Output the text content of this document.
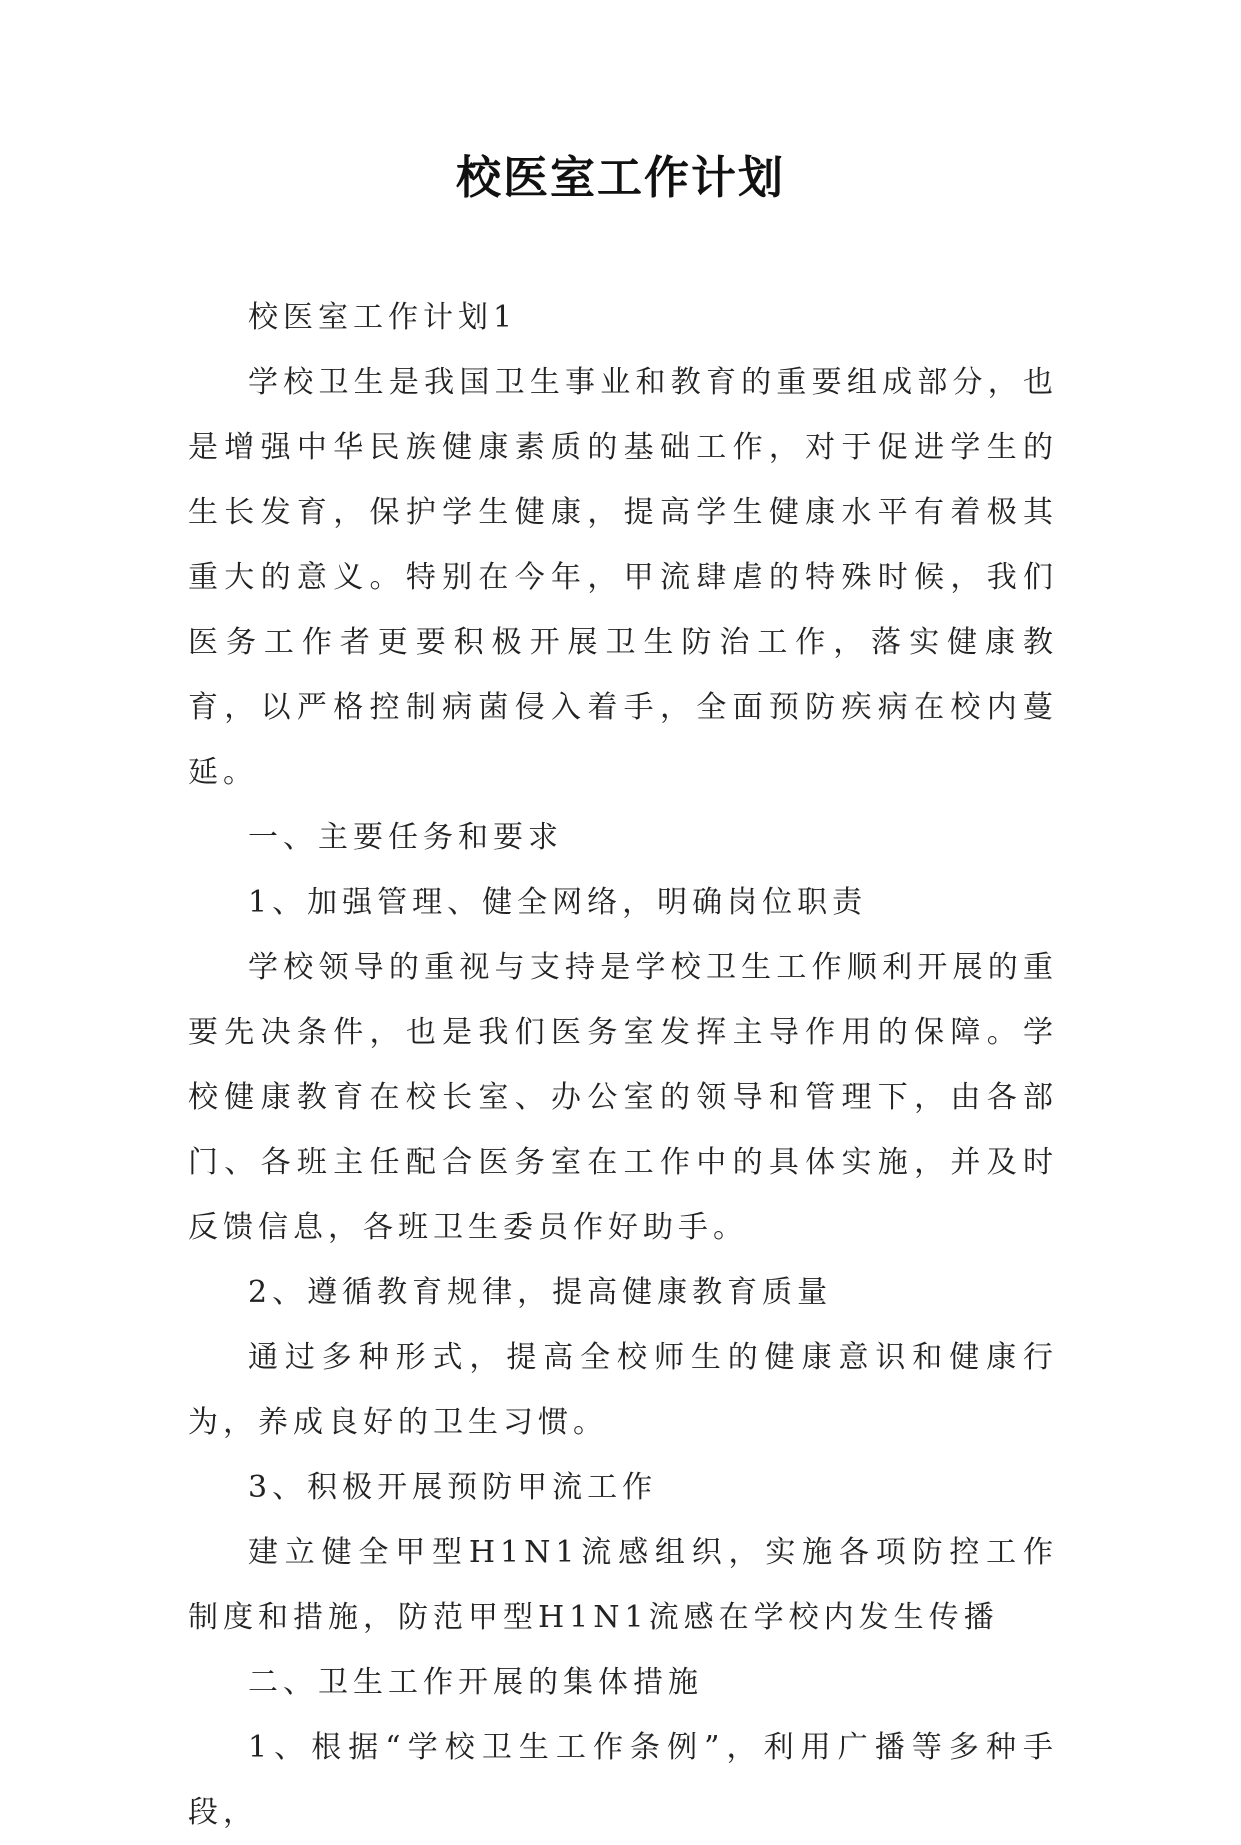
校医室工作计划

校医室工作计划1

学校卫生是我国卫生事业和教育的重要组成部分，也是增强中华民族健康素质的基础工作，对于促进学生的生长发育，保护学生健康，提高学生健康水平有着极其重大的意义。特别在今年，甲流肆虐的特殊时候，我们医务工作者更要积极开展卫生防治工作，落实健康教育，以严格控制病菌侵入着手，全面预防疾病在校内蔓延。

一、主要任务和要求

1、加强管理、健全网络，明确岗位职责

学校领导的重视与支持是学校卫生工作顺利开展的重要先决条件，也是我们医务室发挥主导作用的保障。学校健康教育在校长室、办公室的领导和管理下，由各部门、各班主任配合医务室在工作中的具体实施，并及时反馈信息，各班卫生委员作好助手。

2、遵循教育规律，提高健康教育质量

通过多种形式，提高全校师生的健康意识和健康行为，养成良好的卫生习惯。

3、积极开展预防甲流工作

建立健全甲型H1N1流感组织，实施各项防控工作制度和措施，防范甲型H1N1流感在学校内发生传播

二、卫生工作开展的集体措施

1、根据“学校卫生工作条例”，利用广播等多种手段，
